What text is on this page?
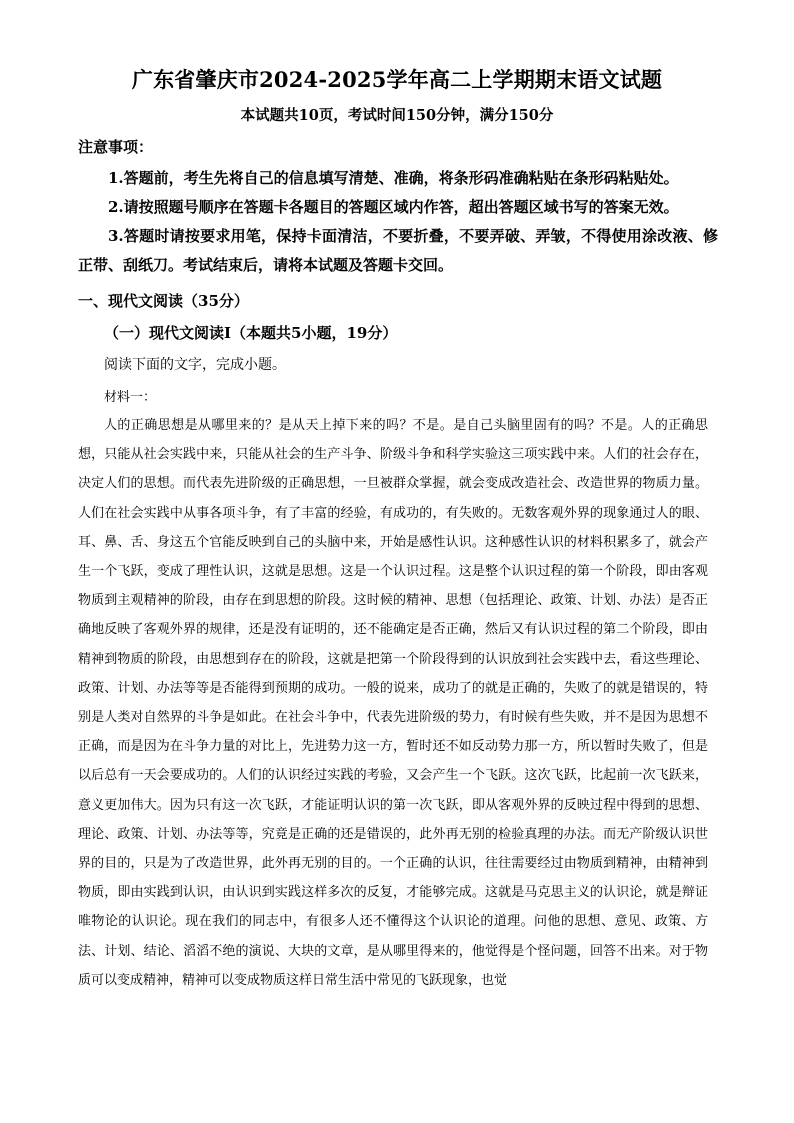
广东省肇庆市2024-2025学年高二上学期期末语文试题
本试题共10页，考试时间150分钟，满分150分
注意事项：

1.答题前，考生先将自己的信息填写清楚、准确，将条形码准确粘贴在条形码粘贴处。

2.请按照题号顺序在答题卡各题目的答题区域内作答，超出答题区域书写的答案无效。

3.答题时请按要求用笔，保持卡面清洁，不要折叠，不要弄破、弄皱，不得使用涂改液、修正带、刮纸刀。考试结束后，请将本试题及答题卡交回。

一、现代文阅读（35分）
（一）现代文阅读Ⅰ（本题共5小题，19分）
阅读下面的文字，完成小题。
材料一：
人的正确思想是从哪里来的？是从天上掉下来的吗？不是。是自己头脑里固有的吗？不是。人的正确思想，只能从社会实践中来，只能从社会的生产斗争、阶级斗争和科学实验这三项实践中来。人们的社会存在，决定人们的思想。而代表先进阶级的正确思想，一旦被群众掌握，就会变成改造社会、改造世界的物质力量。人们在社会实践中从事各项斗争，有了丰富的经验，有成功的，有失败的。无数客观外界的现象通过人的眼、耳、鼻、舌、身这五个官能反映到自己的头脑中来，开始是感性认识。这种感性认识的材料积累多了，就会产生一个飞跃，变成了理性认识，这就是思想。这是一个认识过程。这是整个认识过程的第一个阶段，即由客观物质到主观精神的阶段，由存在到思想的阶段。这时候的精神、思想（包括理论、政策、计划、办法）是否正确地反映了客观外界的规律，还是没有证明的，还不能确定是否正确，然后又有认识过程的第二个阶段，即由精神到物质的阶段，由思想到存在的阶段，这就是把第一个阶段得到的认识放到社会实践中去，看这些理论、政策、计划、办法等等是否能得到预期的成功。一般的说来，成功了的就是正确的，失败了的就是错误的，特别是人类对自然界的斗争是如此。在社会斗争中，代表先进阶级的势力，有时候有些失败，并不是因为思想不正确，而是因为在斗争力量的对比上，先进势力这一方，暂时还不如反动势力那一方，所以暂时失败了，但是以后总有一天会要成功的。人们的认识经过实践的考验，又会产生一个飞跃。这次飞跃，比起前一次飞跃来，意义更加伟大。因为只有这一次飞跃，才能证明认识的第一次飞跃，即从客观外界的反映过程中得到的思想、理论、政策、计划、办法等等，究竟是正确的还是错误的，此外再无别的检验真理的办法。而无产阶级认识世界的目的，只是为了改造世界，此外再无别的目的。一个正确的认识，往往需要经过由物质到精神，由精神到物质，即由实践到认识，由认识到实践这样多次的反复，才能够完成。这就是马克思主义的认识论，就是辩证唯物论的认识论。现在我们的同志中，有很多人还不懂得这个认识论的道理。问他的思想、意见、政策、方法、计划、结论、滔滔不绝的演说、大块的文章，是从哪里得来的，他觉得是个怪问题，回答不出来。对于物质可以变成精神，精神可以变成物质这样日常生活中常见的飞跃现象，也觉
